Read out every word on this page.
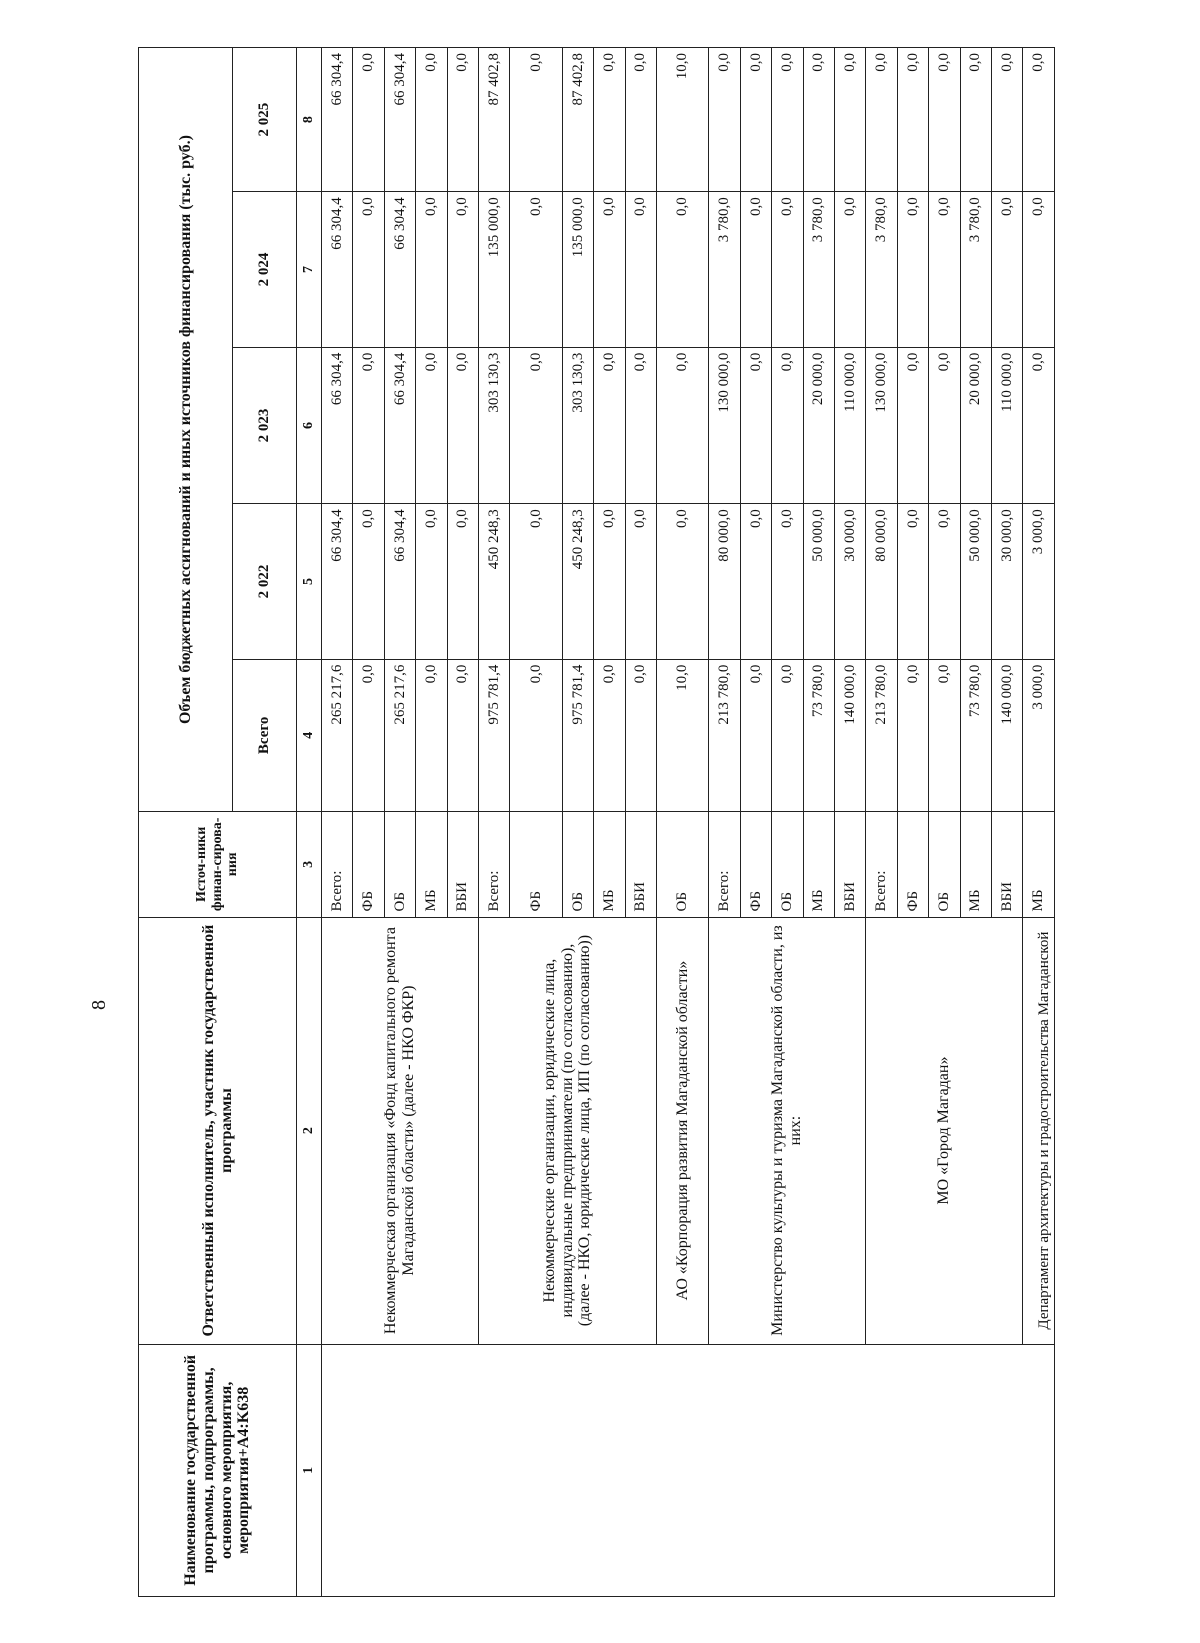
8
Наименование государственной программы, подпрограммы, основного мероприятия, мероприятия+A4:K638	Ответственный исполнитель, участник государственной программы	Источ-ники финан-сирова-ния	Объем бюджетных ассигнований и иных источников финансирования (тыс. руб.)				
			Всего	2 022	2 023	2 024	2 025
1	2	3	4	5	6	7	8
	Некоммерческая организация «Фонд капитального ремонта Магаданской области» (далее - НКО ФКР)	Всего:	265 217,6	66 304,4	66 304,4	66 304,4	66 304,4
		ФБ	0,0	0,0	0,0	0,0	0,0
		ОБ	265 217,6	66 304,4	66 304,4	66 304,4	66 304,4
		МБ	0,0	0,0	0,0	0,0	0,0
		ВБИ	0,0	0,0	0,0	0,0	0,0
	Некоммерческие организации, юридические лица, индивидуальные предприниматели (по согласованию), (далее - НКО, юридические лица, ИП (по согласованию))	Всего:	975 781,4	450 248,3	303 130,3	135 000,0	87 402,8
		ФБ	0,0	0,0	0,0	0,0	0,0
		ОБ	975 781,4	450 248,3	303 130,3	135 000,0	87 402,8
		МБ	0,0	0,0	0,0	0,0	0,0
		ВБИ	0,0	0,0	0,0	0,0	0,0
	АО «Корпорация развития Магаданской области»	ОБ	10,0	0,0	0,0	0,0	10,0
	Министерство культуры и туризма Магаданской области, из них:	Всего:	213 780,0	80 000,0	130 000,0	3 780,0	0,0
		ФБ	0,0	0,0	0,0	0,0	0,0
		ОБ	0,0	0,0	0,0	0,0	0,0
		МБ	73 780,0	50 000,0	20 000,0	3 780,0	0,0
		ВБИ	140 000,0	30 000,0	110 000,0	0,0	0,0
	МО «Город Магадан»	Всего:	213 780,0	80 000,0	130 000,0	3 780,0	0,0
		ФБ	0,0	0,0	0,0	0,0	0,0
		ОБ	0,0	0,0	0,0	0,0	0,0
		МБ	73 780,0	50 000,0	20 000,0	3 780,0	0,0
		ВБИ	140 000,0	30 000,0	110 000,0	0,0	0,0
	Департамент архитектуры и градостроительства Магаданской	МБ	3 000,0	3 000,0	0,0	0,0	0,0
